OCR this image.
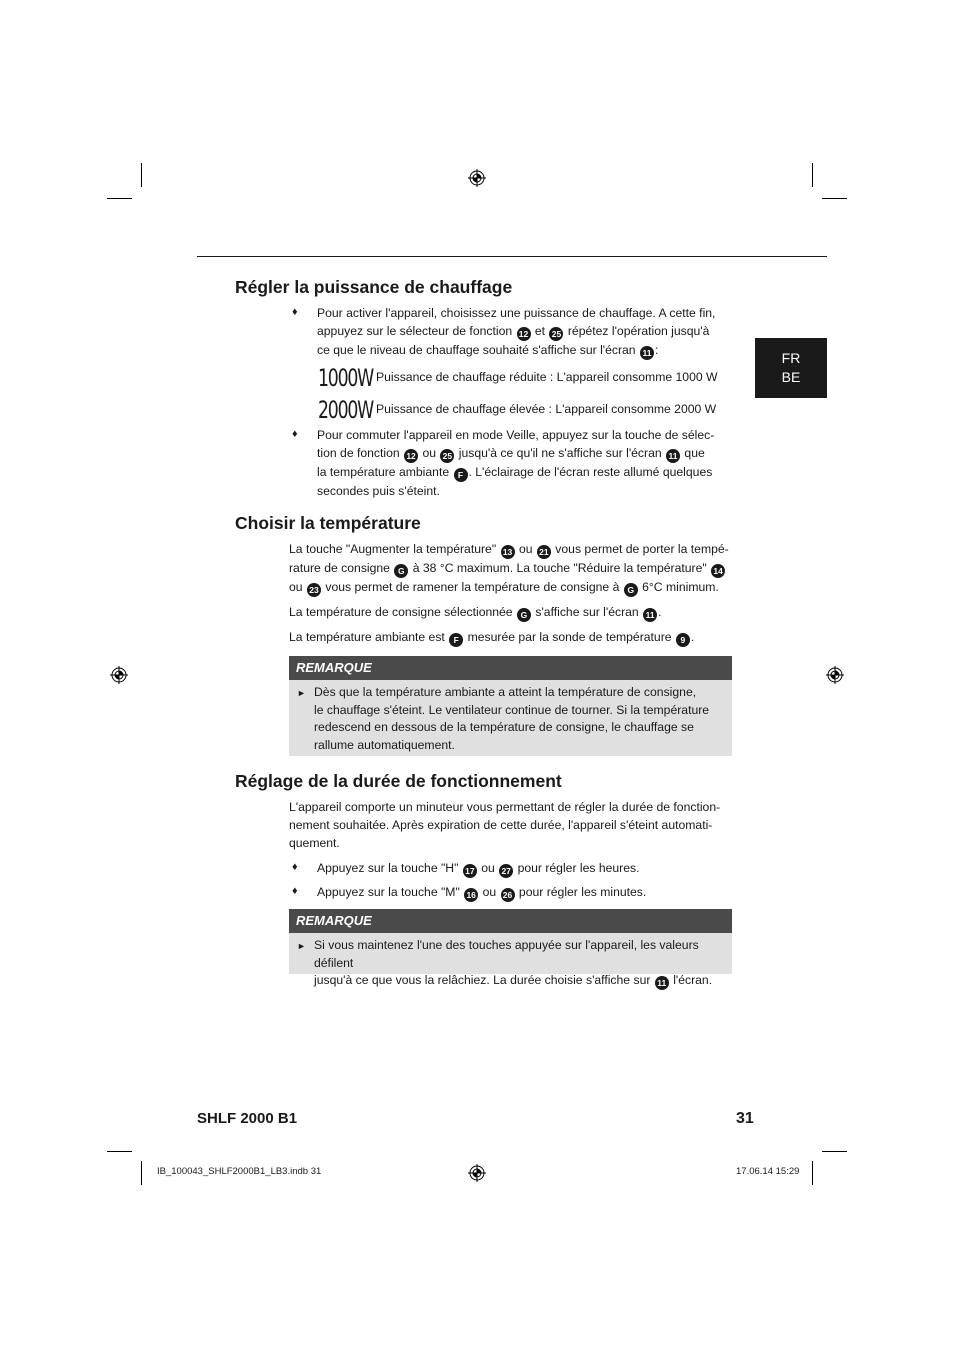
FR
BE
Régler la puissance de chauffage
♦ Pour activer l'appareil, choisissez une puissance de chauffage. A cette fin,
appuyez sur le sélecteur de fonction 12 et 25 répétez l'opération jusqu'à
ce que le niveau de chauffage souhaité s'affiche sur l'écran 11 :
1000W Puissance de chauffage réduite : L'appareil consomme 1000 W
2000W Puissance de chauffage élevée : L'appareil consomme 2000 W
♦ Pour commuter l'appareil en mode Veille, appuyez sur la touche de sélec-
tion de fonction 12 ou 25 jusqu'à ce qu'il ne s'affiche sur l'écran 11 que
la température ambiante F . L'éclairage de l'écran reste allumé quelques
secondes puis s'éteint.
Choisir la température
La touche "Augmenter la température" 13 ou 21 vous permet de porter la tempé-
rature de consigne G à 38 °C maximum. La touche "Réduire la température" 14
ou 23 vous permet de ramener la température de consigne à G 6°C minimum.
La température de consigne sélectionnée G s'affiche sur l'écran 11 .
La température ambiante est F mesurée par la sonde de température 9 .
REMARQUE
► Dès que la température ambiante a atteint la température de consigne,
le chauffage s'éteint. Le ventilateur continue de tourner. Si la température
redescend en dessous de la température de consigne, le chauffage se
rallume automatiquement.
Réglage de la durée de fonctionnement
L'appareil comporte un minuteur vous permettant de régler la durée de fonction-
nement souhaitée. Après expiration de cette durée, l'appareil s'éteint automati-
quement.
♦ Appuyez sur la touche "H" 17 ou 27 pour régler les heures.
♦ Appuyez sur la touche "M" 16 ou 26 pour régler les minutes.
REMARQUE
► Si vous maintenez l'une des touches appuyée sur l'appareil, les valeurs défilent
jusqu'à ce que vous la relâchiez. La durée choisie s'affiche sur 11 l'écran.
SHLF 2000 B1	31
IB_100043_SHLF2000B1_LB3.indb 31	17.06.14 15:29
